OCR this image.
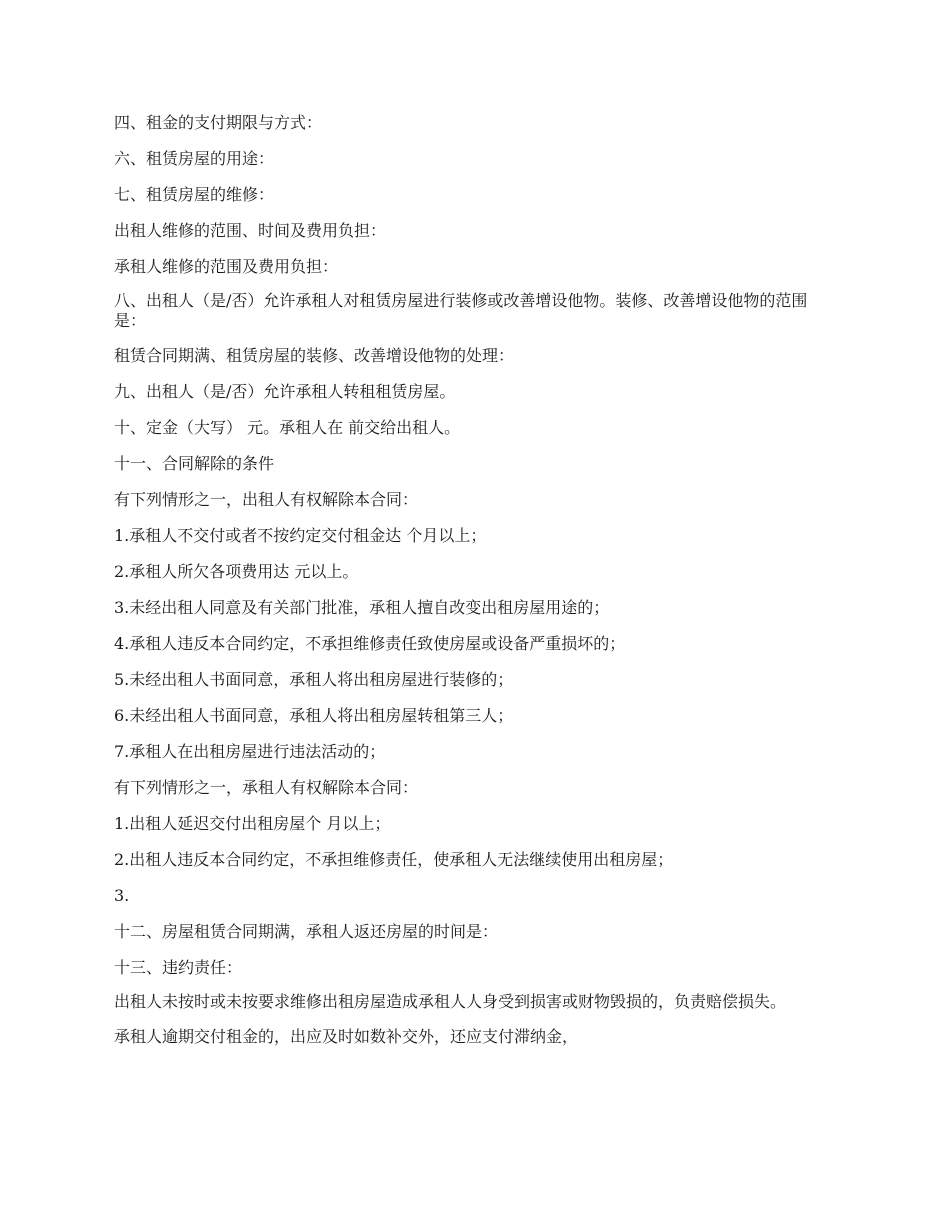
四、租金的支付期限与方式：

六、租赁房屋的用途：

七、租赁房屋的维修：

出租人维修的范围、时间及费用负担：

承租人维修的范围及费用负担：

八、出租人（是/否）允许承租人对租赁房屋进行装修或改善增设他物。装修、改善增设他物的范围是：

租赁合同期满、租赁房屋的装修、改善增设他物的处理：

九、出租人（是/否）允许承租人转租租赁房屋。

十、定金（大写） 元。承租人在 前交给出租人。

十一、合同解除的条件

有下列情形之一，出租人有权解除本合同：

1.承租人不交付或者不按约定交付租金达 个月以上；

2.承租人所欠各项费用达 元以上。

3.未经出租人同意及有关部门批准，承租人擅自改变出租房屋用途的；

4.承租人违反本合同约定，不承担维修责任致使房屋或设备严重损坏的；

5.未经出租人书面同意，承租人将出租房屋进行装修的；

6.未经出租人书面同意，承租人将出租房屋转租第三人；

7.承租人在出租房屋进行违法活动的；

有下列情形之一，承租人有权解除本合同：

1.出租人延迟交付出租房屋个 月以上；

2.出租人违反本合同约定，不承担维修责任，使承租人无法继续使用出租房屋；

3.

十二、房屋租赁合同期满，承租人返还房屋的时间是：

十三、违约责任：

出租人未按时或未按要求维修出租房屋造成承租人人身受到损害或财物毁损的，负责赔偿损失。

承租人逾期交付租金的，出应及时如数补交外，还应支付滞纳金，
